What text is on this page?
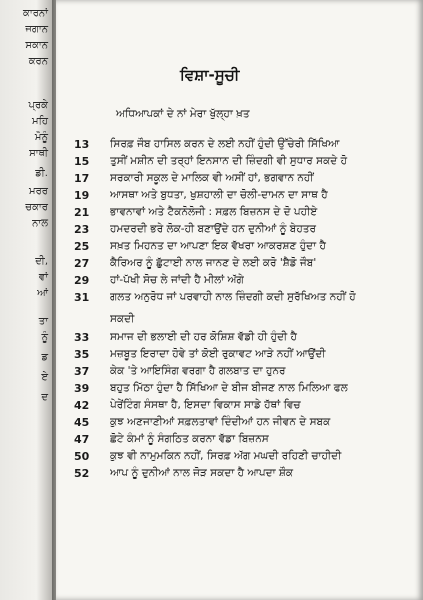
ਕਾਰਨਾਂ
ਜਗਾਨ
ਸਕਾਨ
ਕਰਨ
ਪ੍ਰਕੇ
ਮਹਿ
ਮੋਨੂੰ
ਸਾਥੀ
ਡੀ.
ਮਰਰ
ਚਕਾਰ
ਨਾਲ
ਦੀ,
ਵਾਂ
ਆਂ
ਤਾ
ਨੂੰ
ਡ
ਏ
ਦ

ਵਿਸ਼ਾ-ਸੂਚੀ
ਅਧਿਆਪਕਾਂ ਦੇ ਨਾਂ ਮੇਰਾ ਖੁੱਲ੍ਹਾ ਖ਼ਤ
13	ਸਿਰਫ਼ ਜੌਬ ਹਾਸਿਲ ਕਰਨ ਦੇ ਲਈ ਨਹੀਂ ਹੁੰਦੀ ਉੱਚੇਰੀ ਸਿੱਖਿਆ
15	ਤੁਸੀਂ ਮਸ਼ੀਨ ਦੀ ਤਰ੍ਹਾਂ ਇਨਸਾਨ ਦੀ ਜ਼ਿੰਦਗੀ ਵੀ ਸੁਧਾਰ ਸਕਦੇ ਹੋ
17	ਸਰਕਾਰੀ ਸਕੂਲ ਦੇ ਮਾਲਿਕ ਵੀ ਅਸੀਂ ਹਾਂ, ਭਗਵਾਨ ਨਹੀਂ
19	ਆਸਥਾ ਅਤੇ ਬੁਧਤਾ, ਖੁਸ਼ਹਾਲੀ ਦਾ ਚੋਲੀ-ਦਾਮਨ ਦਾ ਸਾਥ ਹੈ
21	ਭਾਵਨਾਵਾਂ ਅਤੇ ਟੈਕਨੋਲੋਜੀ : ਸਫ਼ਲ ਬਿਜ਼ਨਸ ਦੇ ਦੋ ਪਹੀਏ
23	ਹਮਦਰਦੀ ਭਰੇ ਲੋਕ-ਹੀ ਬਣਾਉਂਦੇ ਹਨ ਦੁਨੀਆਂ ਨੂੰ ਬੇਹਤਰ
25	ਸਖ਼ਤ ਮਿਹਨਤ ਦਾ ਆਪਣਾ ਇਕ ਵੱਖਰਾ ਆਕਰਸ਼ਣ ਹੁੰਦਾ ਹੈ
27	ਕੈਰਿਅਰ ਨੂੰ ਛੁੱਟਾਈ ਨਾਲ ਜਾਨਣ ਦੇ ਲਈ ਕਰੋ 'ਸ਼ੈਡੋ ਜੌਬ'
29	ਹਾਂ-ਪੱਖੀ ਸੋਚ ਲੇ ਜਾਂਦੀ ਹੈ ਮੀਲਾਂ ਅੱਗੇ
31	ਗਲਤ ਅਨੁਰੋਧ ਜਾਂ ਪਰਵਾਹੀ ਨਾਲ ਜ਼ਿੰਦਗੀ ਕਦੀ ਸੁਰੱਖਿਅਤ ਨਹੀਂ ਹੋ
ਸਕਦੀ
33	ਸਮਾਜ ਦੀ ਭਲਾਈ ਦੀ ਹਰ ਕੋਸ਼ਿਸ਼ ਵੱਡੀ ਹੀ ਹੁੰਦੀ ਹੈ
35	ਮਜ਼ਬੂਤ ਇਰਾਦਾ ਹੋਵੇ ਤਾਂ ਕੋਈ ਰੁਕਾਵਟ ਆੜੇ ਨਹੀਂ ਆਉਂਦੀ
37	ਕੇਕ 'ਤੇ ਆਇਸਿੰਗ ਵਰਗਾ ਹੈ ਗਲਬਾਤ ਦਾ ਹੁਨਰ
39	ਬਹੁਤ ਮਿੱਠਾ ਹੁੰਦਾ ਹੈ ਸਿੱਖਿਆ ਦੇ ਬੀਜ ਬੀਜਣ ਨਾਲ ਮਿਲਿਆ ਫਲ
42	ਪੇਰੇਂਟਿੰਗ ਸੰਸਥਾ ਹੈ, ਇਸਦਾ ਵਿਕਾਸ ਸਾਡੇ ਹੱਥਾਂ ਵਿਚ
45	ਕੁਝ ਅਣਜਾਣੀਆਂ ਸਫ਼ਲਤਾਵਾਂ ਦਿੰਦੀਆਂ ਹਨ ਜੀਵਨ ਦੇ ਸਬਕ
47	ਛੋਟੇ ਕੰਮਾਂ ਨੂੰ ਸੰਗਠਿਤ ਕਰਨਾ ਵੱਡਾ ਬਿਜ਼ਨਸ
50	ਕੁਝ ਵੀ ਨਾਮੁਮਕਿਨ ਨਹੀਂ, ਸਿਰਫ਼ ਅੱਗ ਮਘਦੀ ਰਹਿਣੀ ਚਾਹੀਦੀ
52	ਆਪ ਨੂੰ ਦੁਨੀਆਂ ਨਾਲ ਜੋੜ ਸਕਦਾ ਹੈ ਆਪਦਾ ਸ਼ੌਕ
